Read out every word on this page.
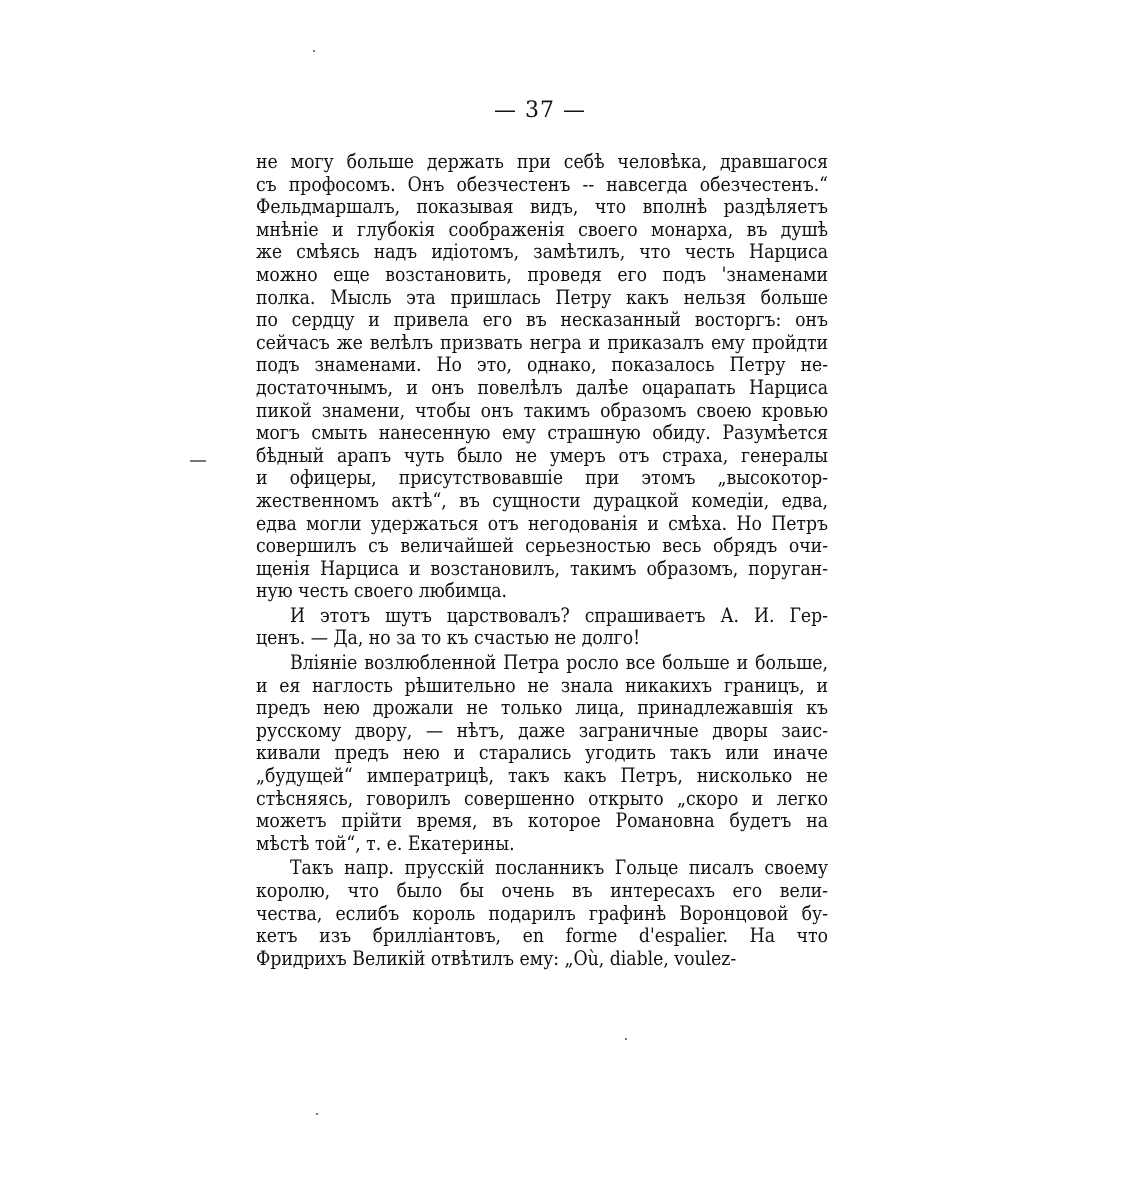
— 37 —
не могу больше держать при себѣ человѣка, дравшагося
съ профосомъ. Онъ обезчестенъ -- навсегда обезчестенъ.“
Фельдмаршалъ, показывая видъ, что вполнѣ раздѣляетъ
мнѣніе и глубокія соображенія своего монарха, въ душѣ
же смѣясь надъ идіотомъ, замѣтилъ, что честь Нарциса
можно еще возстановить, проведя его подъ 'знаменами
полка. Мысль эта пришлась Петру какъ нельзя больше
по сердцу и привела его въ несказанный восторгъ: онъ
сейчасъ же велѣлъ призвать негра и приказалъ ему пройдти
подъ знаменами. Но это, однако, показалось Петру не-
достаточнымъ, и онъ повелѣлъ далѣе оцарапать Нарциса
пикой знамени, чтобы онъ такимъ образомъ своею кровью
могъ смыть нанесенную ему страшную обиду. Разумѣется
бѣдный арапъ чуть было не умеръ отъ страха, генералы
и офицеры, присутствовавшіе при этомъ „высокотор-
жественномъ актѣ“, въ сущности дурацкой комедіи, едва,
едва могли удержаться отъ негодованія и смѣха. Но Петръ
совершилъ съ величайшей серьезностью весь обрядъ очи-
щенія Нарциса и возстановилъ, такимъ образомъ, поруган-
ную честь своего любимца.
И этотъ шутъ царствовалъ? спрашиваетъ А. И. Гер-
ценъ. — Да, но за то къ счастью не долго!
Вліяніе возлюбленной Петра росло все больше и больше,
и ея наглость рѣшительно не знала никакихъ границъ, и
предъ нею дрожали не только лица, принадлежавшія къ
русскому двору, — нѣтъ, даже заграничные дворы заис-
кивали предъ нею и старались угодить такъ или иначе
„будущей“ императрицѣ, такъ какъ Петръ, нисколько не
стѣсняясь, говорилъ совершенно открыто „скоро и легко
можетъ прійти время, въ которое Романовна будетъ на
мѣстѣ той“, т. е. Екатерины.
Такъ напр. прусскій посланникъ Гольце писалъ своему
королю, что было бы очень въ интересахъ его вели-
чества, еслибъ король подарилъ графинѣ Воронцовой бу-
кетъ изъ брилліантовъ, en forme d'espalier. На что
Фридрихъ Великій отвѣтилъ ему: „Où, diable, voulez-
